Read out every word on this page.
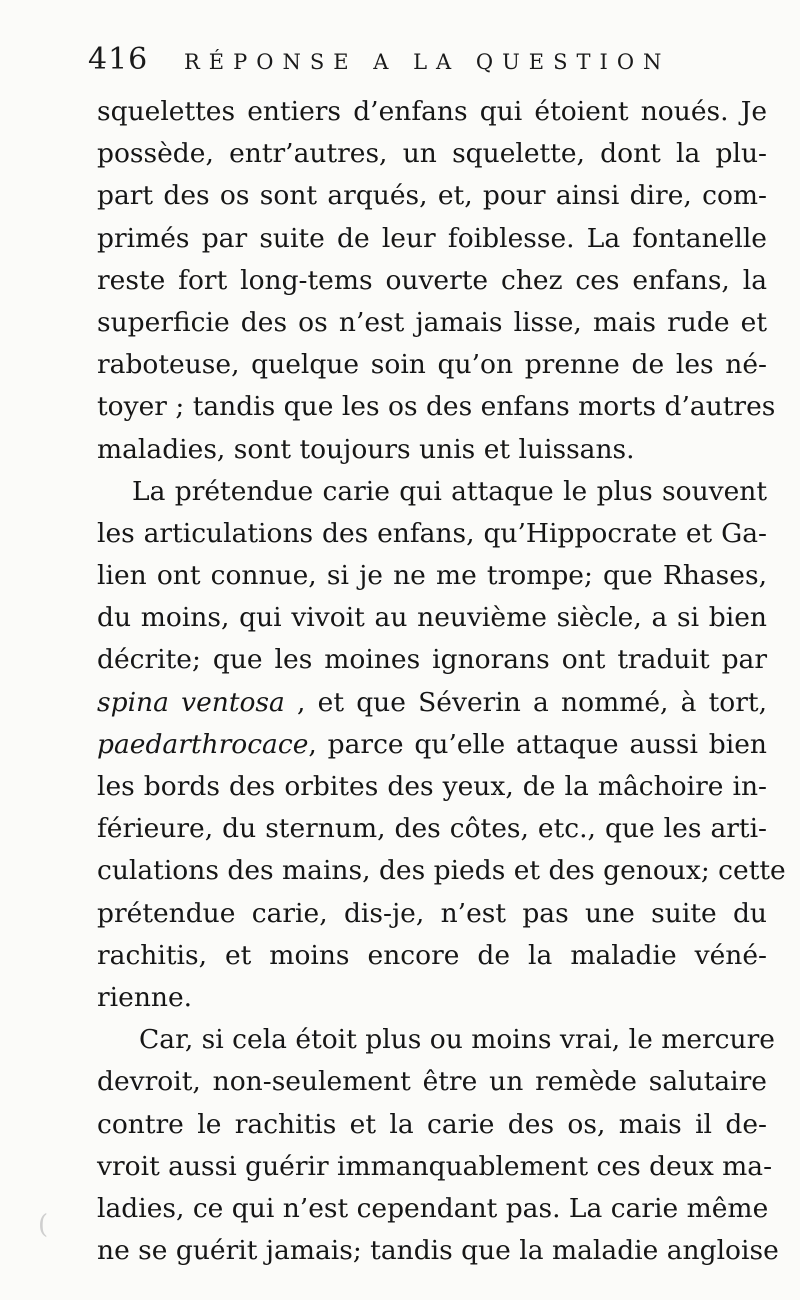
416 RÉPONSE A LA QUESTION
squelettes entiers d’enfans qui étoient noués. Je
possède, entr’autres, un squelette, dont la plu-
part des os sont arqués, et, pour ainsi dire, com-
primés par suite de leur foiblesse. La fontanelle
reste fort long-tems ouverte chez ces enfans, la
superficie des os n’est jamais lisse, mais rude et
raboteuse, quelque soin qu’on prenne de les né-
toyer ; tandis que les os des enfans morts d’autres
maladies, sont toujours unis et luissans.
La prétendue carie qui attaque le plus souvent
les articulations des enfans, qu’Hippocrate et Ga-
lien ont connue, si je ne me trompe; que Rhases,
du moins, qui vivoit au neuvième siècle, a si bien
décrite; que les moines ignorans ont traduit par
spina ventosa , et que Séverin a nommé, à tort,
paedarthrocace, parce qu’elle attaque aussi bien
les bords des orbites des yeux, de la mâchoire in-
férieure, du sternum, des côtes, etc., que les arti-
culations des mains, des pieds et des genoux; cette
prétendue carie, dis-je, n’est pas une suite du
rachitis, et moins encore de la maladie véné-
rienne.
Car, si cela étoit plus ou moins vrai, le mercure
devroit, non-seulement être un remède salutaire
contre le rachitis et la carie des os, mais il de-
vroit aussi guérir immanquablement ces deux ma-
ladies, ce qui n’est cependant pas. La carie même
ne se guérit jamais; tandis que la maladie angloise
(
